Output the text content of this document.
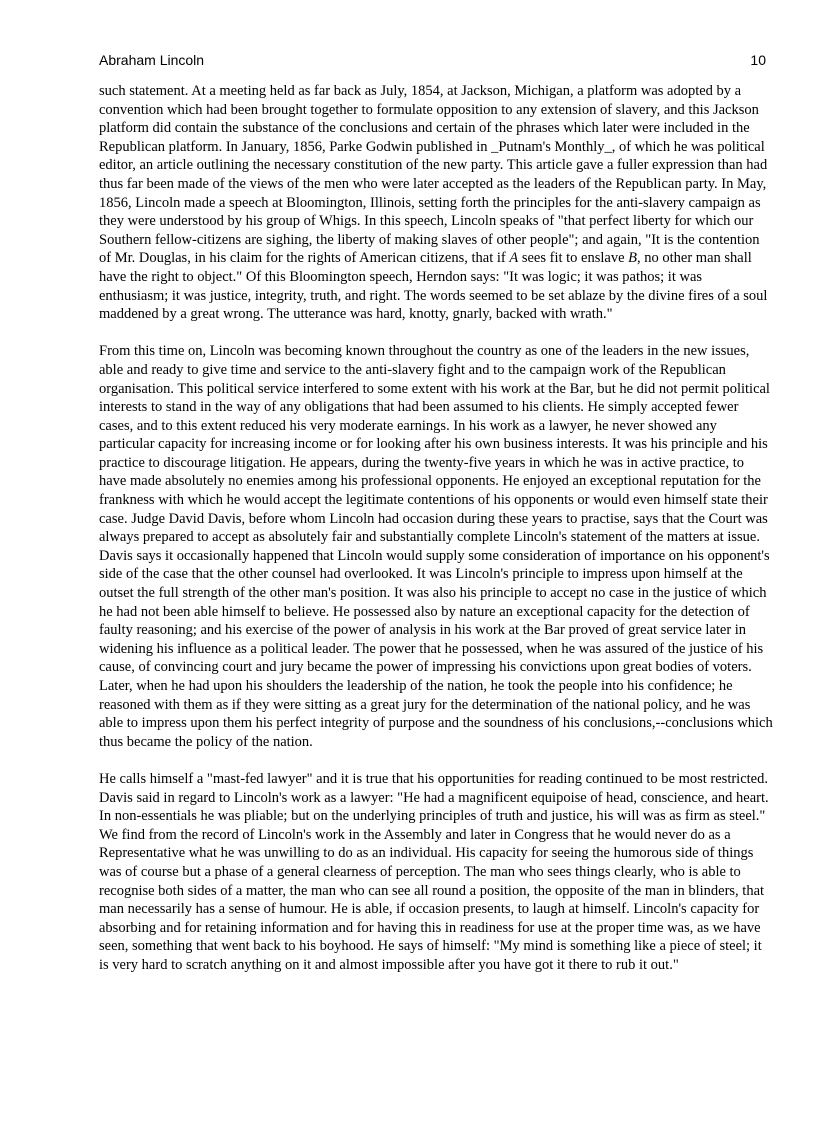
Abraham Lincoln	10

such statement. At a meeting held as far back as July, 1854, at Jackson, Michigan, a platform was adopted by a convention which had been brought together to formulate opposition to any extension of slavery, and this Jackson platform did contain the substance of the conclusions and certain of the phrases which later were included in the Republican platform. In January, 1856, Parke Godwin published in _Putnam's Monthly_, of which he was political editor, an article outlining the necessary constitution of the new party. This article gave a fuller expression than had thus far been made of the views of the men who were later accepted as the leaders of the Republican party. In May, 1856, Lincoln made a speech at Bloomington, Illinois, setting forth the principles for the anti-slavery campaign as they were understood by his group of Whigs. In this speech, Lincoln speaks of "that perfect liberty for which our Southern fellow-citizens are sighing, the liberty of making slaves of other people"; and again, "It is the contention of Mr. Douglas, in his claim for the rights of American citizens, that if A sees fit to enslave B, no other man shall have the right to object." Of this Bloomington speech, Herndon says: "It was logic; it was pathos; it was enthusiasm; it was justice, integrity, truth, and right. The words seemed to be set ablaze by the divine fires of a soul maddened by a great wrong. The utterance was hard, knotty, gnarly, backed with wrath."

From this time on, Lincoln was becoming known throughout the country as one of the leaders in the new issues, able and ready to give time and service to the anti-slavery fight and to the campaign work of the Republican organisation. This political service interfered to some extent with his work at the Bar, but he did not permit political interests to stand in the way of any obligations that had been assumed to his clients. He simply accepted fewer cases, and to this extent reduced his very moderate earnings. In his work as a lawyer, he never showed any particular capacity for increasing income or for looking after his own business interests. It was his principle and his practice to discourage litigation. He appears, during the twenty-five years in which he was in active practice, to have made absolutely no enemies among his professional opponents. He enjoyed an exceptional reputation for the frankness with which he would accept the legitimate contentions of his opponents or would even himself state their case. Judge David Davis, before whom Lincoln had occasion during these years to practise, says that the Court was always prepared to accept as absolutely fair and substantially complete Lincoln's statement of the matters at issue. Davis says it occasionally happened that Lincoln would supply some consideration of importance on his opponent's side of the case that the other counsel had overlooked. It was Lincoln's principle to impress upon himself at the outset the full strength of the other man's position. It was also his principle to accept no case in the justice of which he had not been able himself to believe. He possessed also by nature an exceptional capacity for the detection of faulty reasoning; and his exercise of the power of analysis in his work at the Bar proved of great service later in widening his influence as a political leader. The power that he possessed, when he was assured of the justice of his cause, of convincing court and jury became the power of impressing his convictions upon great bodies of voters. Later, when he had upon his shoulders the leadership of the nation, he took the people into his confidence; he reasoned with them as if they were sitting as a great jury for the determination of the national policy, and he was able to impress upon them his perfect integrity of purpose and the soundness of his conclusions,--conclusions which thus became the policy of the nation.

He calls himself a "mast-fed lawyer" and it is true that his opportunities for reading continued to be most restricted. Davis said in regard to Lincoln's work as a lawyer: "He had a magnificent equipoise of head, conscience, and heart. In non-essentials he was pliable; but on the underlying principles of truth and justice, his will was as firm as steel." We find from the record of Lincoln's work in the Assembly and later in Congress that he would never do as a Representative what he was unwilling to do as an individual. His capacity for seeing the humorous side of things was of course but a phase of a general clearness of perception. The man who sees things clearly, who is able to recognise both sides of a matter, the man who can see all round a position, the opposite of the man in blinders, that man necessarily has a sense of humour. He is able, if occasion presents, to laugh at himself. Lincoln's capacity for absorbing and for retaining information and for having this in readiness for use at the proper time was, as we have seen, something that went back to his boyhood. He says of himself: "My mind is something like a piece of steel; it is very hard to scratch anything on it and almost impossible after you have got it there to rub it out."
